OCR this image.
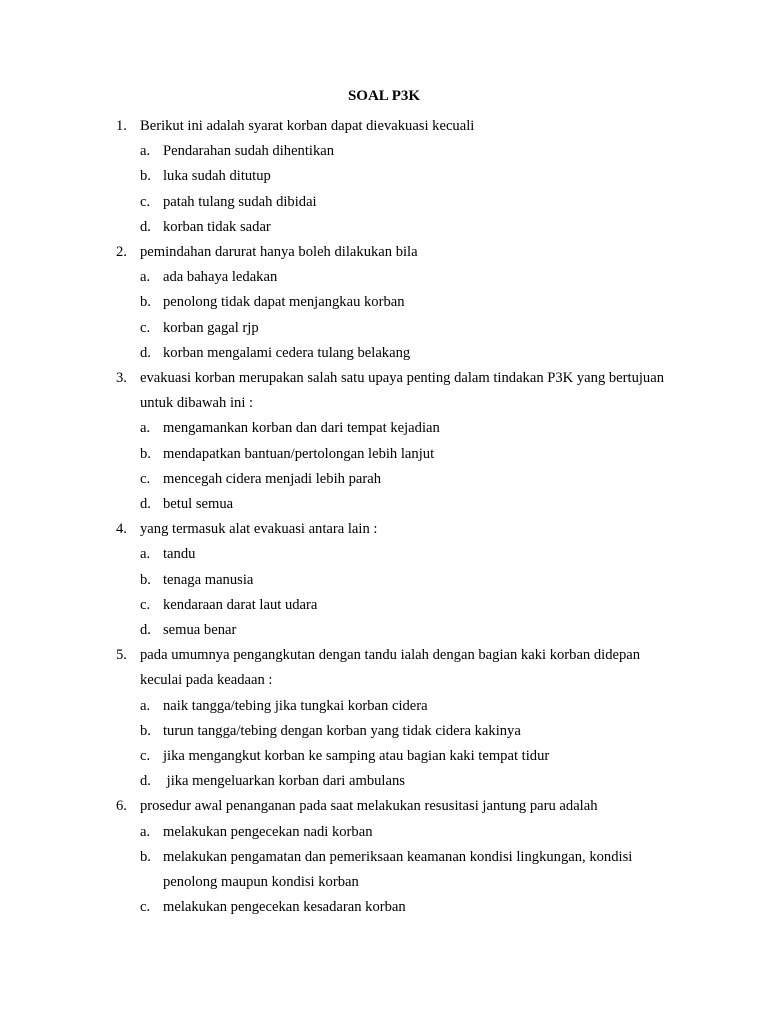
SOAL P3K
1. Berikut ini adalah syarat korban dapat dievakuasi kecuali
a. Pendarahan sudah dihentikan
b. luka sudah ditutup
c. patah tulang sudah dibidai
d. korban tidak sadar
2. pemindahan darurat hanya boleh dilakukan bila
a. ada bahaya ledakan
b. penolong tidak dapat menjangkau korban
c. korban gagal rjp
d. korban mengalami cedera tulang belakang
3. evakuasi korban merupakan salah satu upaya penting dalam tindakan P3K yang bertujuan untuk dibawah ini :
a. mengamankan korban dan dari tempat kejadian
b. mendapatkan bantuan/pertolongan lebih lanjut
c. mencegah cidera menjadi lebih parah
d. betul semua
4. yang termasuk alat evakuasi antara lain :
a. tandu
b. tenaga manusia
c. kendaraan darat laut udara
d. semua benar
5. pada umumnya pengangkutan dengan tandu ialah dengan bagian kaki korban didepan keculai pada keadaan :
a. naik tangga/tebing jika tungkai korban cidera
b. turun tangga/tebing dengan korban yang tidak cidera kakinya
c. jika mengangkut korban ke samping atau bagian kaki tempat tidur
d. jika mengeluarkan korban dari ambulans
6. prosedur awal penanganan pada saat melakukan resusitasi jantung paru adalah
a. melakukan pengecekan nadi korban
b. melakukan pengamatan dan pemeriksaan keamanan kondisi lingkungan, kondisi penolong maupun kondisi korban
c. melakukan pengecekan kesadaran korban
